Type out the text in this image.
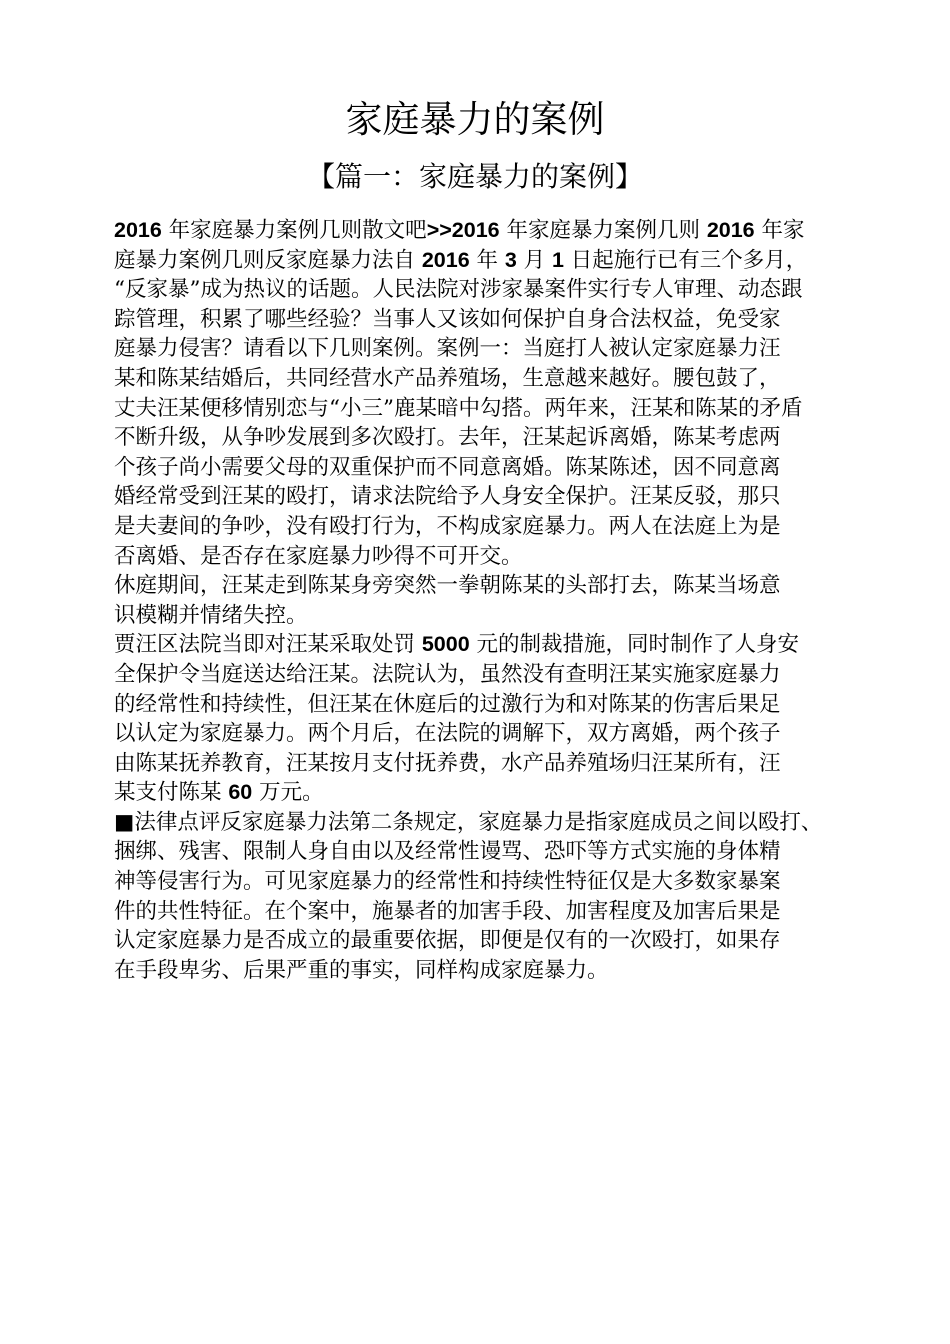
家庭暴力的案例
【篇一：家庭暴力的案例】
2016 年家庭暴力案例几则散文吧>>2016 年家庭暴力案例几则 2016 年家
庭暴力案例几则反家庭暴力法自 2016 年 3 月 1 日起施行已有三个多月，
“反家暴”成为热议的话题。人民法院对涉家暴案件实行专人审理、动态跟
踪管理，积累了哪些经验？当事人又该如何保护自身合法权益，免受家
庭暴力侵害？请看以下几则案例。案例一：当庭打人被认定家庭暴力汪
某和陈某结婚后，共同经营水产品养殖场，生意越来越好。腰包鼓了，
丈夫汪某便移情别恋与“小三”鹿某暗中勾搭。两年来，汪某和陈某的矛盾
不断升级，从争吵发展到多次殴打。去年，汪某起诉离婚，陈某考虑两
个孩子尚小需要父母的双重保护而不同意离婚。陈某陈述，因不同意离
婚经常受到汪某的殴打，请求法院给予人身安全保护。汪某反驳，那只
是夫妻间的争吵，没有殴打行为，不构成家庭暴力。两人在法庭上为是
否离婚、是否存在家庭暴力吵得不可开交。
休庭期间，汪某走到陈某身旁突然一拳朝陈某的头部打去，陈某当场意
识模糊并情绪失控。
贾汪区法院当即对汪某采取处罚 5000 元的制裁措施，同时制作了人身安
全保护令当庭送达给汪某。法院认为，虽然没有查明汪某实施家庭暴力
的经常性和持续性，但汪某在休庭后的过激行为和对陈某的伤害后果足
以认定为家庭暴力。两个月后，在法院的调解下，双方离婚，两个孩子
由陈某抚养教育，汪某按月支付抚养费，水产品养殖场归汪某所有，汪
某支付陈某 60 万元。
■法律点评反家庭暴力法第二条规定，家庭暴力是指家庭成员之间以殴打、
捆绑、残害、限制人身自由以及经常性谩骂、恐吓等方式实施的身体精
神等侵害行为。可见家庭暴力的经常性和持续性特征仅是大多数家暴案
件的共性特征。在个案中，施暴者的加害手段、加害程度及加害后果是
认定家庭暴力是否成立的最重要依据，即便是仅有的一次殴打，如果存
在手段卑劣、后果严重的事实，同样构成家庭暴力。
